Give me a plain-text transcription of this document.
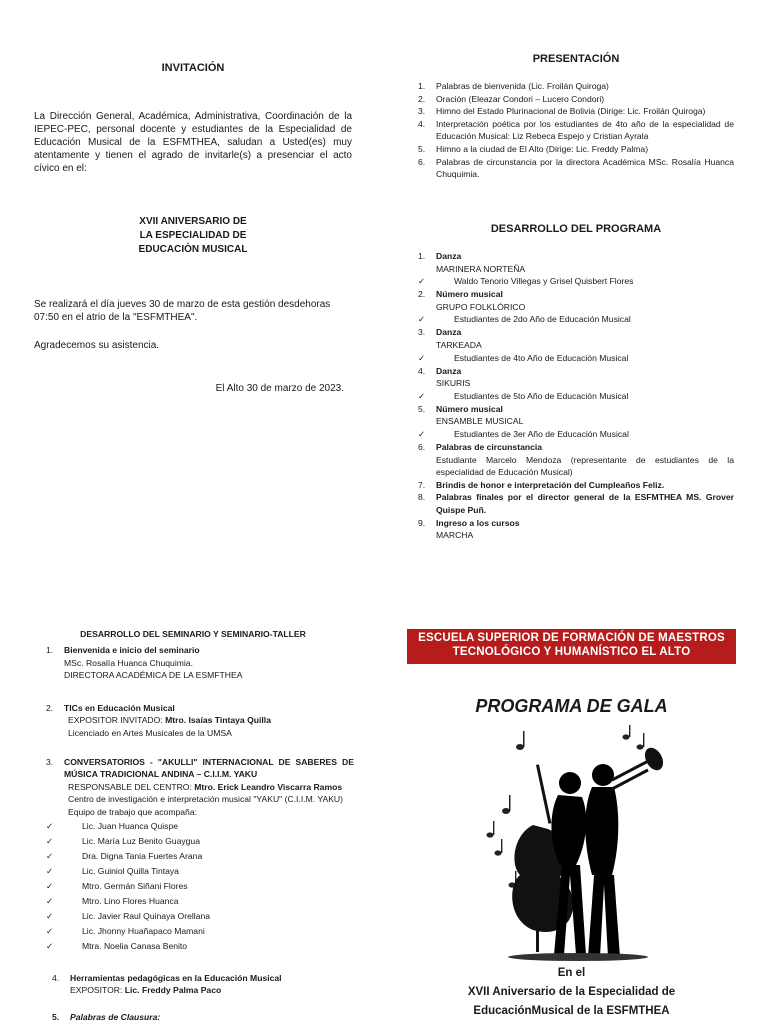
INVITACIÓN
La Dirección General, Académica, Administrativa, Coordinación de la IEPEC-PEC, personal docente y estudiantes de la Especialidad de Educación Musical de la ESFMTHEA, saludan a Usted(es) muy atentamente y tienen el agrado de invitarle(s) a presenciar el acto cívico en el:
XVII ANIVERSARIO DE
LA ESPECIALIDAD DE
EDUCACIÒN MUSICAL
Se realizará el día jueves 30 de marzo de esta gestión desdehoras 07:50 en el atrio de la "ESFMTHEA".
Agradecemos su asistencia.
El Alto 30 de marzo de 2023.
PRESENTACIÓN
1. Palabras de bienvenida (Lic. Froilán Quiroga)
2. Oración (Eleazar Condori – Lucero Condori)
3. Himno del Estado Plurinacional de Bolivia (Dirige: Lic. Froilán Quiroga)
4. Interpretación poética por los estudiantes de 4to año de la especialidad de Educación Musical: Liz Rebeca Espejo y Cristian Ayrala
5. Himno a la ciudad de El Alto (Dirige: Lic. Freddy Palma)
6. Palabras de circunstancia por la directora Académica MSc. Rosalía Huanca Chuquimia.
DESARROLLO DEL PROGRAMA
1. Danza
MARINERA NORTEÑA
✓	Waldo Tenorio Villegas y Grisel Quisbert Flores
2. Número musical
GRUPO FOLKLÓRICO
✓	Estudiantes de 2do Año de Educación Musical
3. Danza
TARKEADA
✓	Estudiantes de 4to Año de Educación Musical
4. Danza
SIKURIS
✓	Estudiantes de 5to Año de Educación Musical
5. Número musical
ENSAMBLE MUSICAL
✓	Estudiantes de 3er Año de Educación Musical
6. Palabras de circunstancia
Estudiante Marcelo Mendoza (representante de estudiantes de la especialidad de Educación Musical)
7. Brindis de honor e interpretación del Cumpleaños Feliz.
8. Palabras finales por el director general de la ESFMTHEA MS. Grover Quispe Puñ.
9. Ingreso a los cursos
MARCHA
DESARROLLO DEL SEMINARIO Y SEMINARIO-TALLER
1. Bienvenida e inicio del seminario
MSc. Rosalía Huanca Chuquimia.
DIRECTORA ACADÉMICA DE LA ESMFTHEA
2. TICs en Educación Musical
EXPOSITOR INVITADO: Mtro. Isaías Tintaya Quilla
Licenciado en Artes Musicales de la UMSA
3. CONVERSATORIOS - "AKULLI" INTERNACIONAL DE SABERES DE MÚSICA TRADICIONAL ANDINA – C.I.I.M. YAKU
RESPONSABLE DEL CENTRO: Mtro. Erick Leandro Viscarra Ramos
Centro de investigación e interpretación musical "YAKU" (C.I.I.M. YAKU)
Equipo de trabajo que acompaña:
✓	Lic. Juan Huanca Quispe
✓	Lic. María Luz Benito Guaygua
✓	Dra. Digna Tania Fuertes Arana
✓	Lic. Guiniol Quilla Tintaya
✓	Mtro. Germán Siñani Flores
✓	Mtro. Lino Flores Huanca
✓	Lic. Javier Raul Quinaya Orellana
✓	Lic. Jhonny Huañapaco Mamani
✓	Mtra. Noelia Canasa Benito
4. Herramientas pedagógicas en la Educación Musical
EXPOSITOR: Lic. Freddy Palma Paco
5. Palabras de Clausura:
ESCUELA SUPERIOR DE FORMACIÓN DE MAESTROS
TECNOLÓGICO Y HUMANÍSTICO EL ALTO
PROGRAMA DE GALA
En el
XVII Aniversario de la Especialidad de
EducaciónMusical de la ESFMTHEA
